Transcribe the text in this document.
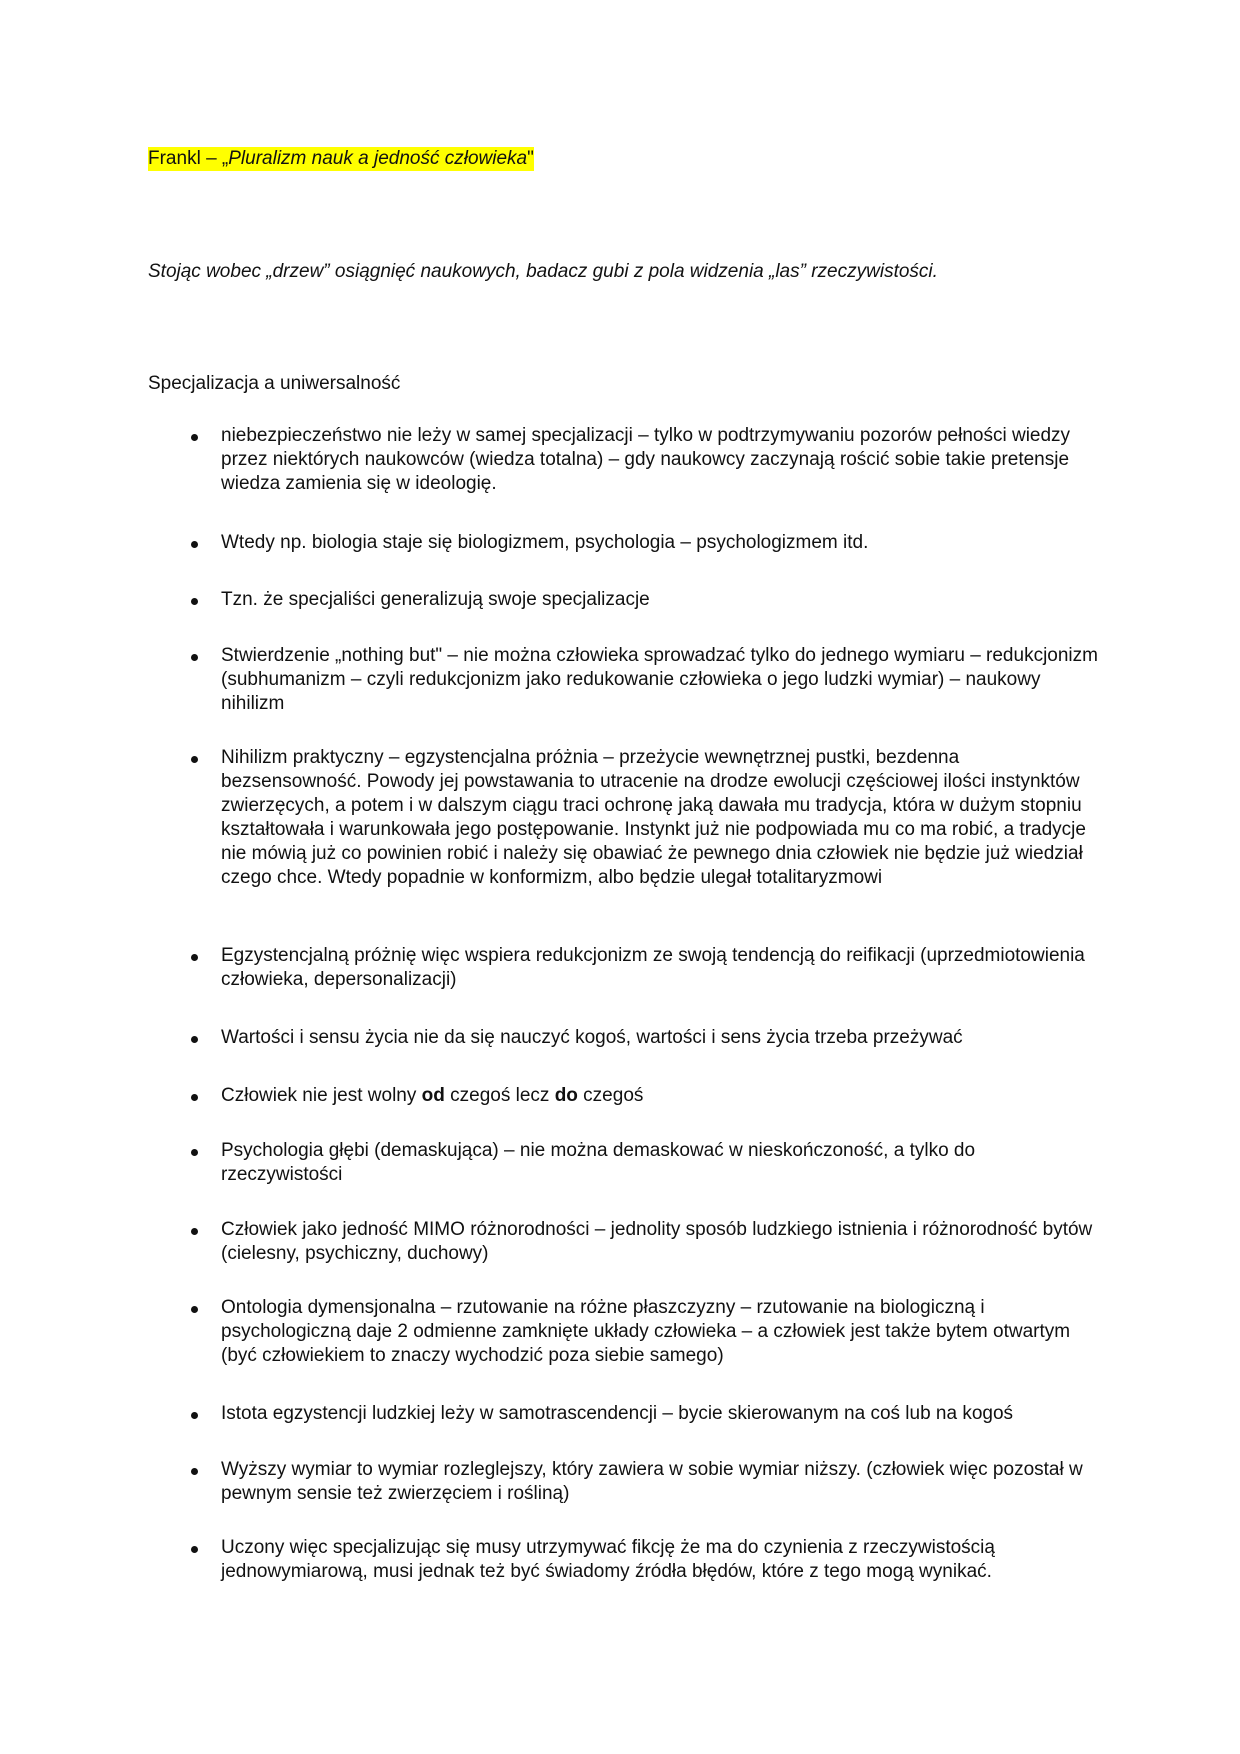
Frankl – „Pluralizm nauk a jedność człowieka"

Stojąc wobec „drzew” osiągnięć naukowych, badacz gubi z pola widzenia „las” rzeczywistości.

Specjalizacja a uniwersalność

niebezpieczeństwo nie leży w samej specjalizacji – tylko w podtrzymywaniu pozorów pełności wiedzy przez niektórych naukowców (wiedza totalna) – gdy naukowcy zaczynają rościć sobie takie pretensje wiedza zamienia się w ideologię.
Wtedy np. biologia staje się biologizmem, psychologia – psychologizmem itd.
Tzn. że specjaliści generalizują swoje specjalizacje
Stwierdzenie „nothing but" – nie można człowieka sprowadzać tylko do jednego wymiaru – redukcjonizm (subhumanizm – czyli redukcjonizm jako redukowanie człowieka o jego ludzki wymiar) – naukowy nihilizm
Nihilizm praktyczny – egzystencjalna próżnia – przeżycie wewnętrznej pustki, bezdenna bezsensowność. Powody jej powstawania to utracenie na drodze ewolucji częściowej ilości instynktów zwierzęcych, a potem i w dalszym ciągu traci ochronę jaką dawała mu tradycja, która w dużym stopniu kształtowała i warunkowała jego postępowanie. Instynkt już nie podpowiada mu co ma robić, a tradycje nie mówią już co powinien robić i należy się obawiać że pewnego dnia człowiek nie będzie już wiedział czego chce. Wtedy popadnie w konformizm, albo będzie ulegał totalitaryzmowi
Egzystencjalną próżnię więc wspiera redukcjonizm ze swoją tendencją do reifikacji (uprzedmiotowienia człowieka, depersonalizacji)
Wartości i sensu życia nie da się nauczyć kogoś, wartości i sens życia trzeba przeżywać
Człowiek nie jest wolny od czegoś lecz do czegoś
Psychologia głębi (demaskująca) – nie można demaskować w nieskończoność, a tylko do rzeczywistości
Człowiek jako jedność MIMO różnorodności – jednolity sposób ludzkiego istnienia i różnorodność bytów (cielesny, psychiczny, duchowy)
Ontologia dymensjonalna – rzutowanie na różne płaszczyzny – rzutowanie na biologiczną i psychologiczną daje 2 odmienne zamknięte układy człowieka – a człowiek jest także bytem otwartym (być człowiekiem to znaczy wychodzić poza siebie samego)
Istota egzystencji ludzkiej leży w samotrascendencji – bycie skierowanym na coś lub na kogoś
Wyższy wymiar to wymiar rozleglejszy, który zawiera w sobie wymiar niższy. (człowiek więc pozostał w pewnym sensie też zwierzęciem i rośliną)
Uczony więc specjalizując się musy utrzymywać fikcję że ma do czynienia z rzeczywistością jednowymiarową, musi jednak też być świadomy źródła błędów, które z tego mogą wynikać.
